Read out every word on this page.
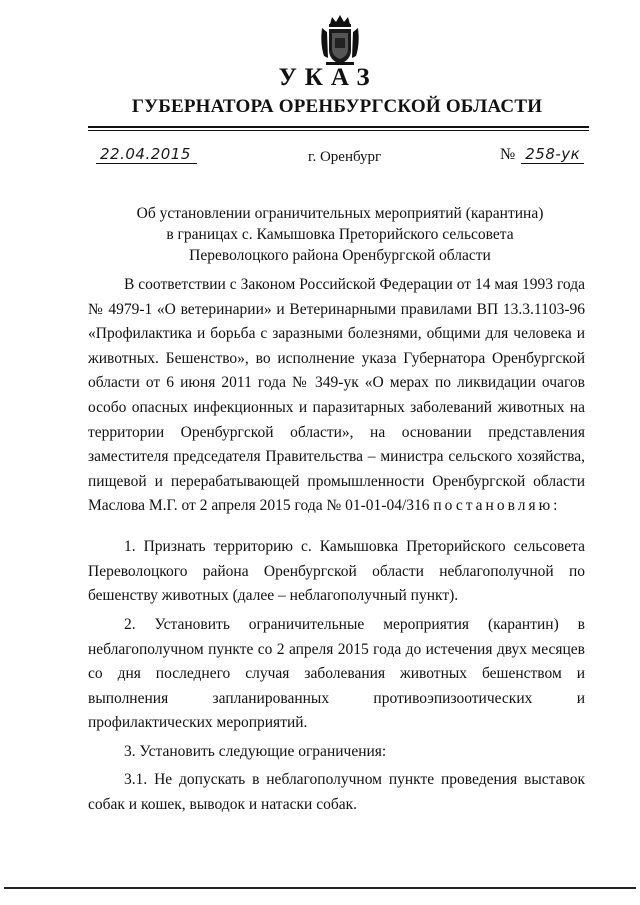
УКАЗ
ГУБЕРНАТОРА ОРЕНБУРГСКОЙ ОБЛАСТИ
22.04.2015	г. Оренбург	№ 258-ук
Об установлении ограничительных мероприятий (карантина)
в границах с. Камышовка Преторийского сельсовета
Переволоцкого района Оренбургской области

В соответствии с Законом Российской Федерации от 14 мая 1993 года № 4979-1 «О ветеринарии» и Ветеринарными правилами ВП 13.3.1103-96 «Профилактика и борьба с заразными болезнями, общими для человека и животных. Бешенство», во исполнение указа Губернатора Оренбургской области от 6 июня 2011 года № 349-ук «О мерах по ликвидации очагов особо опасных инфекционных и паразитарных заболеваний животных на территории Оренбургской области», на основании представления заместителя председателя Правительства – министра сельского хозяйства, пищевой и перерабатывающей промышленности Оренбургской области Маслова М.Г. от 2 апреля 2015 года № 01-01-04/316 постановляю:

1. Признать территорию с. Камышовка Преторийского сельсовета Переволоцкого района Оренбургской области неблагополучной по бешенству животных (далее – неблагополучный пункт).

2. Установить ограничительные мероприятия (карантин) в неблагополучном пункте со 2 апреля 2015 года до истечения двух месяцев со дня последнего случая заболевания животных бешенством и выполнения запланированных противоэпизоотических и профилактических мероприятий.

3. Установить следующие ограничения:

3.1. Не допускать в неблагополучном пункте проведения выставок собак и кошек, выводок и натаски собак.
